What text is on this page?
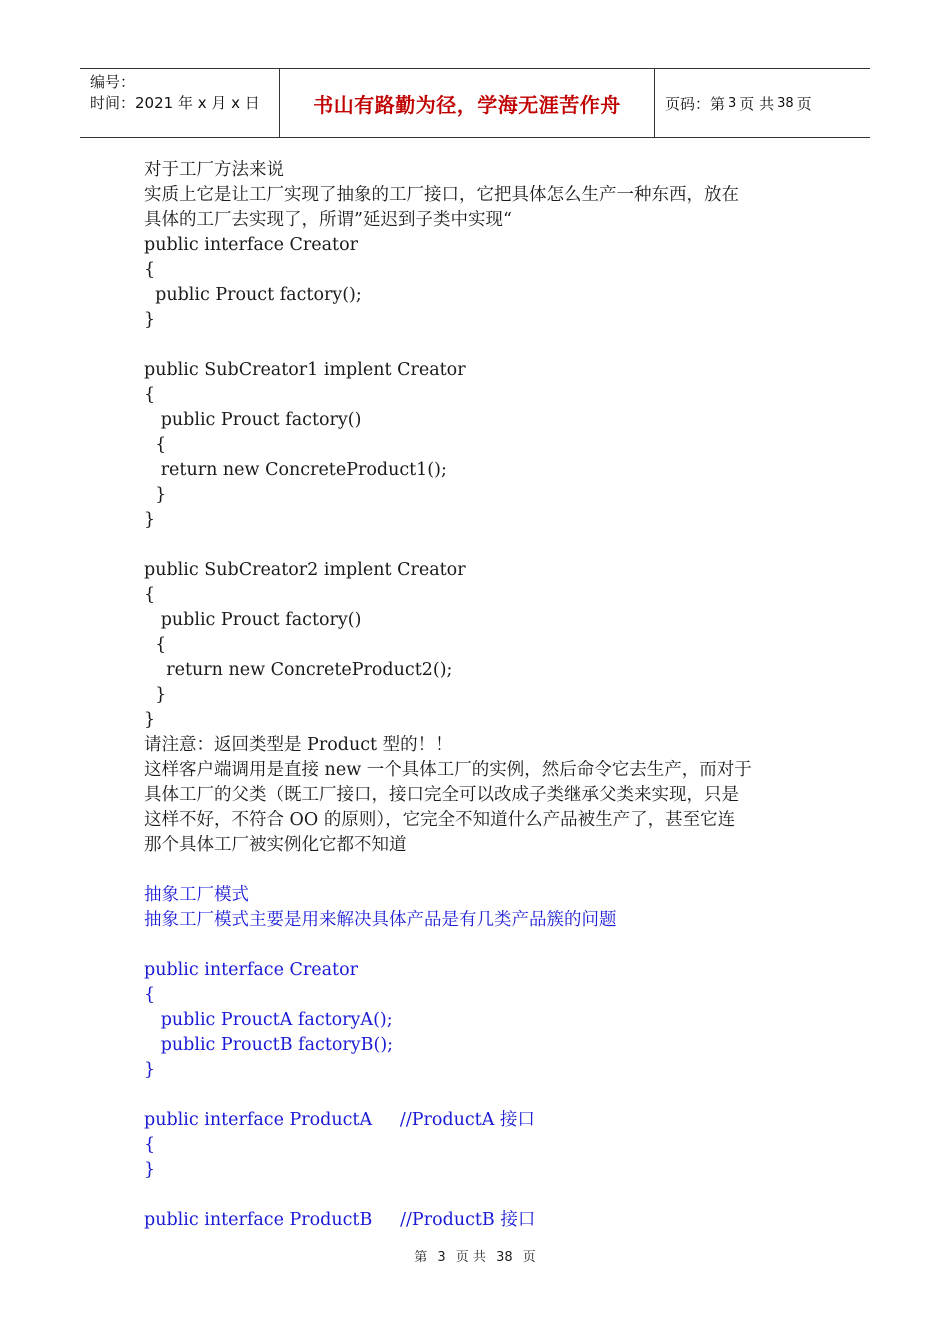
编号：
时间：2021 年 x 月 x 日	书山有路勤为径，学海无涯苦作舟	页码：第 3 页 共 38 页
对于工厂方法来说
实质上它是让工厂实现了抽象的工厂接口，它把具体怎么生产一种东西，放在
具体的工厂去实现了，所谓”延迟到子类中实现“
public interface Creator
{
public Prouct factory();
}
public SubCreator1 implent Creator
{
public Prouct factory()
{
return new ConcreteProduct1();
}
}
public SubCreator2 implent Creator
{
public Prouct factory()
{
return new ConcreteProduct2();
}
}
请注意：返回类型是 Product 型的！！
这样客户端调用是直接 new 一个具体工厂的实例，然后命令它去生产，而对于
具体工厂的父类（既工厂接口，接口完全可以改成子类继承父类来实现，只是
这样不好，不符合 OO 的原则），它完全不知道什么产品被生产了，甚至它连
那个具体工厂被实例化它都不知道
抽象工厂模式
抽象工厂模式主要是用来解决具体产品是有几类产品簇的问题
public interface Creator
{
public ProuctA factoryA();
public ProuctB factoryB();
}
public interface ProductA     //ProductA 接口
{
}
public interface ProductB     //ProductB 接口
第 3 页 共 38 页
